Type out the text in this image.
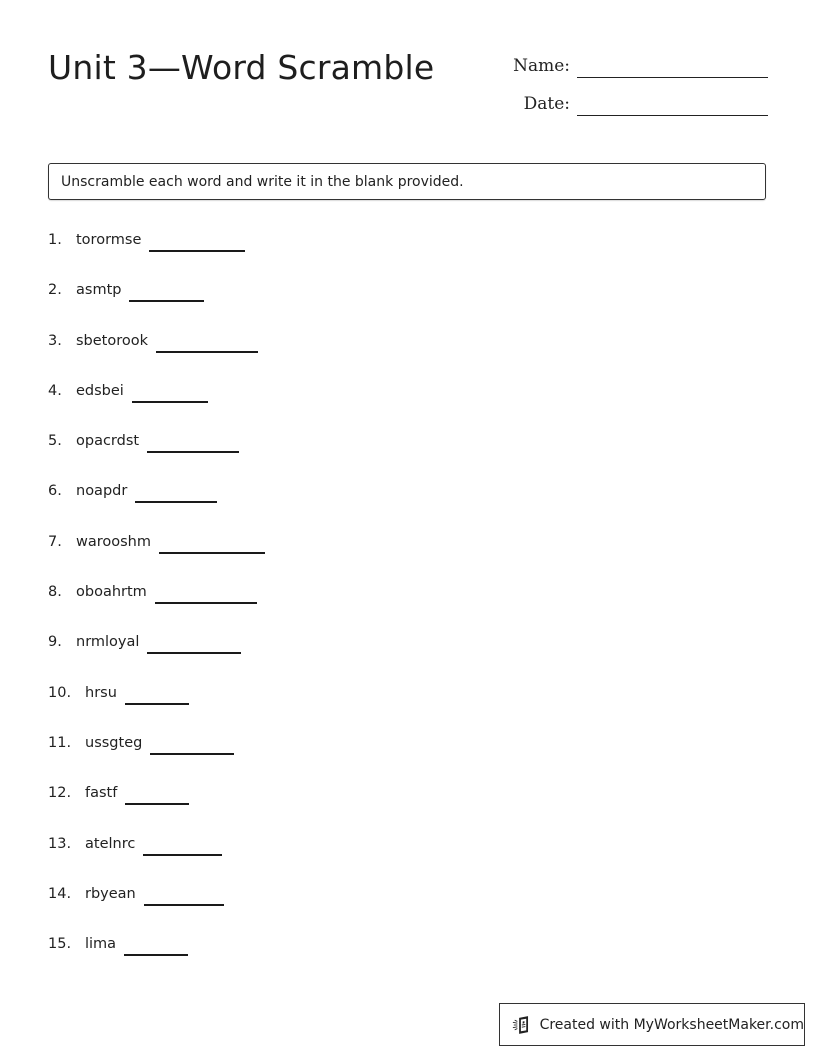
Unit 3—Word Scramble	Name:
Date:
Unscramble each word and write it in the blank provided.
1. torormse
2. asmtp
3. sbetorook
4. edsbei
5. opacrdst
6. noapdr
7. warooshm
8. oboahrtm
9. nrmloyal
10. hrsu
11. ussgteg
12. fastf
13. atelnrc
14. rbyean
15. lima
Created with MyWorksheetMaker.com
